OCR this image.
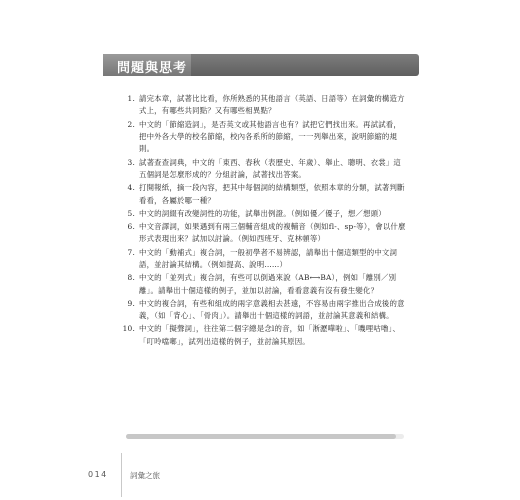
問題與思考
1. 請完本章，試著比比看，你所熟悉的其他語言（英語、日語等）在詞彙的構造方式上，有哪些共同點？又有哪些相異點？
2. 中文的「節縮造詞」，是否英文或其他語言也有？試把它們找出來。再試試看，把中外各大學的校名節縮，校內各系所的節縮，一一列舉出來，說明節縮的規則。
3. 試著查查詞典，中文的「東西、春秋（表歷史、年歲）、舉止、聰明、衣裳」這五個詞是怎麼形成的？分組討論，試著找出答案。
4. 打開報紙，摘一段內容，把其中每個詞的結構類型，依照本章的分類，試著判斷看看，各屬於哪一種？
5. 中文的詞綴有改變詞性的功能，試舉出例證。（例如優／優子，想／想頭）
6. 中文音譯詞，如果遇到有兩三個輔音組成的複輔音（例如fl-、sp-等），會以什麼形式表現出來？試加以討論。（例如西班牙、克林頓等）
7. 中文的「動補式」複合詞，一般初學者不易辨認，請舉出十個這類型的中文詞語，並討論其結構。（例如提高、說明……）
8. 中文的「並列式」複合詞，有些可以倒過來說（AB⟷BA），例如「離別／別離」。請舉出十個這樣的例子，並加以討論，看看意義有沒有發生變化？
9. 中文的複合詞，有些和組成的兩字意義相去甚遠，不容易由兩字推出合成後的意義，（如「背心」、「骨肉」）。請舉出十個這樣的詞語，並討論其意義和結構。
10. 中文的「擬聲詞」，往往第二個字總是念l的音，如「淅瀝嘩啦」、「嘰哩咕嚕」、「叮呤噹啷」，試列出這樣的例子，並討論其原因。
014	詞彙之旅
